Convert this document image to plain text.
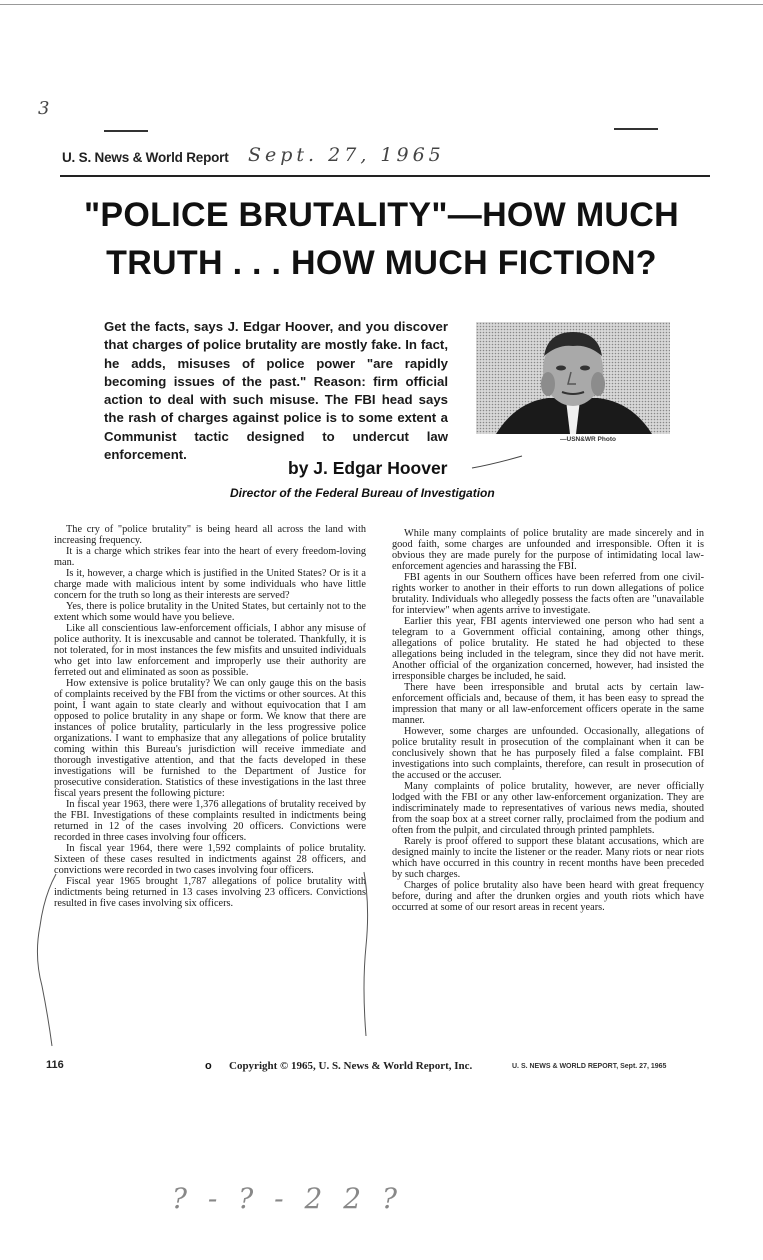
3
U. S. News & World Report Sept. 27, 1965
"POLICE BRUTALITY"—HOW MUCH
TRUTH . . . HOW MUCH FICTION?
Get the facts, says J. Edgar Hoover, and you discover that charges of police brutality are mostly fake. In fact, he adds, misuses of police power "are rapidly becoming issues of the past." Reason: firm official action to deal with such misuse. The FBI head says the rash of charges against police is to some extent a Communist tactic designed to undercut law enforcement.
—USN&WR Photo
by J. Edgar Hoover
Director of the Federal Bureau of Investigation

The cry of "police brutality" is being heard all across the land with increasing frequency.

It is a charge which strikes fear into the heart of every freedom-loving man.

Is it, however, a charge which is justified in the United States? Or is it a charge made with malicious intent by some individuals who have little concern for the truth so long as their interests are served?

Yes, there is police brutality in the United States, but certainly not to the extent which some would have you believe.

Like all conscientious law-enforcement officials, I abhor any misuse of police authority. It is inexcusable and cannot be tolerated. Thankfully, it is not tolerated, for in most instances the few misfits and unsuited individuals who get into law enforcement and improperly use their authority are ferreted out and eliminated as soon as possible.

How extensive is police brutality? We can only gauge this on the basis of complaints received by the FBI from the victims or other sources. At this point, I want again to state clearly and without equivocation that I am opposed to police brutality in any shape or form. We know that there are instances of police brutality, particularly in the less progressive police organizations. I want to emphasize that any allegations of police brutality coming within this Bureau's jurisdiction will receive immediate and thorough investigative attention, and that the facts developed in these investigations will be furnished to the Department of Justice for prosecutive consideration. Statistics of these investigations in the last three fiscal years present the following picture:

In fiscal year 1963, there were 1,376 allegations of brutality received by the FBI. Investigations of these complaints resulted in indictments being returned in 12 of the cases involving 20 officers. Convictions were recorded in three cases involving four officers.

In fiscal year 1964, there were 1,592 complaints of police brutality. Sixteen of these cases resulted in indictments against 28 officers, and convictions were recorded in two cases involving four officers.

Fiscal year 1965 brought 1,787 allegations of police brutality with indictments being returned in 13 cases involving 23 officers. Convictions resulted in five cases involving six officers.

While many complaints of police brutality are made sincerely and in good faith, some charges are unfounded and irresponsible. Often it is obvious they are made purely for the purpose of intimidating local law-enforcement agencies and harassing the FBI.

FBI agents in our Southern offices have been referred from one civil-rights worker to another in their efforts to run down allegations of police brutality. Individuals who allegedly possess the facts often are "unavailable for interview" when agents arrive to investigate.

Earlier this year, FBI agents interviewed one person who had sent a telegram to a Government official containing, among other things, allegations of police brutality. He stated he had objected to these allegations being included in the telegram, since they did not have merit. Another official of the organization concerned, however, had insisted the irresponsible charges be included, he said.

There have been irresponsible and brutal acts by certain law-enforcement officials and, because of them, it has been easy to spread the impression that many or all law-enforcement officers operate in the same manner.

However, some charges are unfounded. Occasionally, allegations of police brutality result in prosecution of the complainant when it can be conclusively shown that he has purposely filed a false complaint. FBI investigations into such complaints, therefore, can result in prosecution of the accused or the accuser.

Many complaints of police brutality, however, are never officially lodged with the FBI or any other law-enforcement organization. They are indiscriminately made to representatives of various news media, shouted from the soap box at a street corner rally, proclaimed from the podium and often from the pulpit, and circulated through printed pamphlets.

Rarely is proof offered to support these blatant accusations, which are designed mainly to incite the listener or the reader. Many riots or near riots which have occurred in this country in recent months have been preceded by such charges.

Charges of police brutality also have been heard with great frequency before, during and after the drunken orgies and youth riots which have occurred at some of our resort areas in recent years.

116	o Copyright © 1965, U. S. News & World Report, Inc.	U. S. NEWS & WORLD REPORT, Sept. 27, 1965
? - ? - 2 2 ?
